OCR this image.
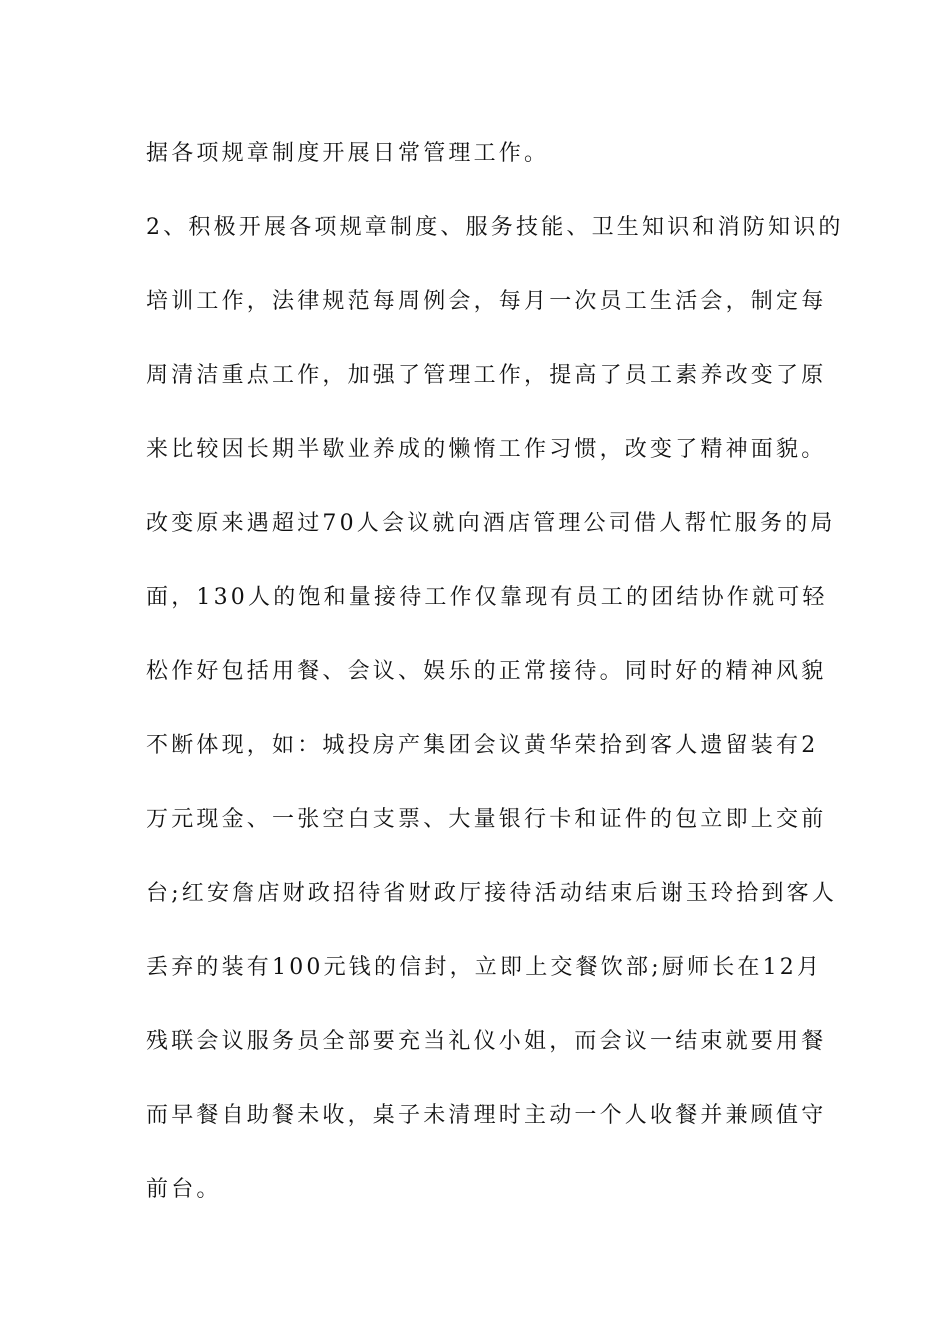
据各项规章制度开展日常管理工作。
2、积极开展各项规章制度、服务技能、卫生知识和消防知识的
培训工作，法律规范每周例会，每月一次员工生活会，制定每
周清洁重点工作，加强了管理工作，提高了员工素养改变了原
来比较因长期半歇业养成的懒惰工作习惯，改变了精神面貌。
改变原来遇超过70人会议就向酒店管理公司借人帮忙服务的局
面，130人的饱和量接待工作仅靠现有员工的团结协作就可轻
松作好包括用餐、会议、娱乐的正常接待。同时好的精神风貌
不断体现，如：城投房产集团会议黄华荣拾到客人遗留装有2
万元现金、一张空白支票、大量银行卡和证件的包立即上交前
台;红安詹店财政招待省财政厅接待活动结束后谢玉玲拾到客人
丢弃的装有100元钱的信封，立即上交餐饮部;厨师长在12月
残联会议服务员全部要充当礼仪小姐，而会议一结束就要用餐
而早餐自助餐未收，桌子未清理时主动一个人收餐并兼顾值守
前台。
